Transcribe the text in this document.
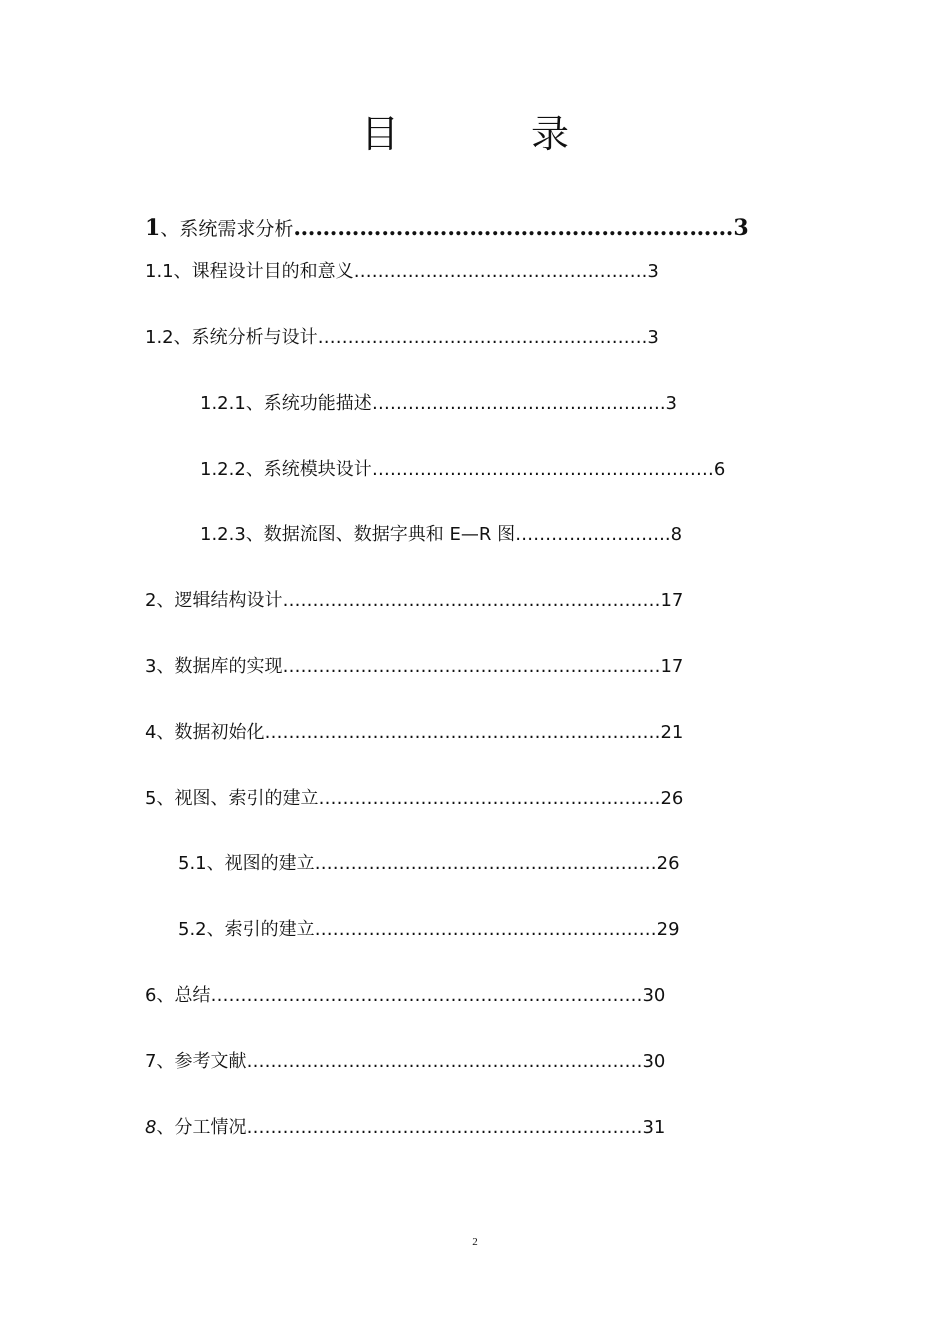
目 录
1、系统需求分析……………………………………………………3
1.1、课程设计目的和意义………………………………………….3
1.2、系统分析与设计……………………………………………….3
1.2.1、系统功能描述………………………………………….3
1.2.2、系统模块设计…………………………………………………6
1.2.3、数据流图、数据字典和 E—R 图……………………..8
2、逻辑结构设计………………………………………………………17
3、数据库的实现………………………………………………………17
4、数据初始化…………………………………………………………21
5、视图、索引的建立…………………………………………………26
5.1、视图的建立…………………………………………………26
5.2、索引的建立…………………………………………………29
6、总结………………………………………………………………30
7、参考文献…………………………………………………………30
8、分工情况…………………………………………………………31
2
